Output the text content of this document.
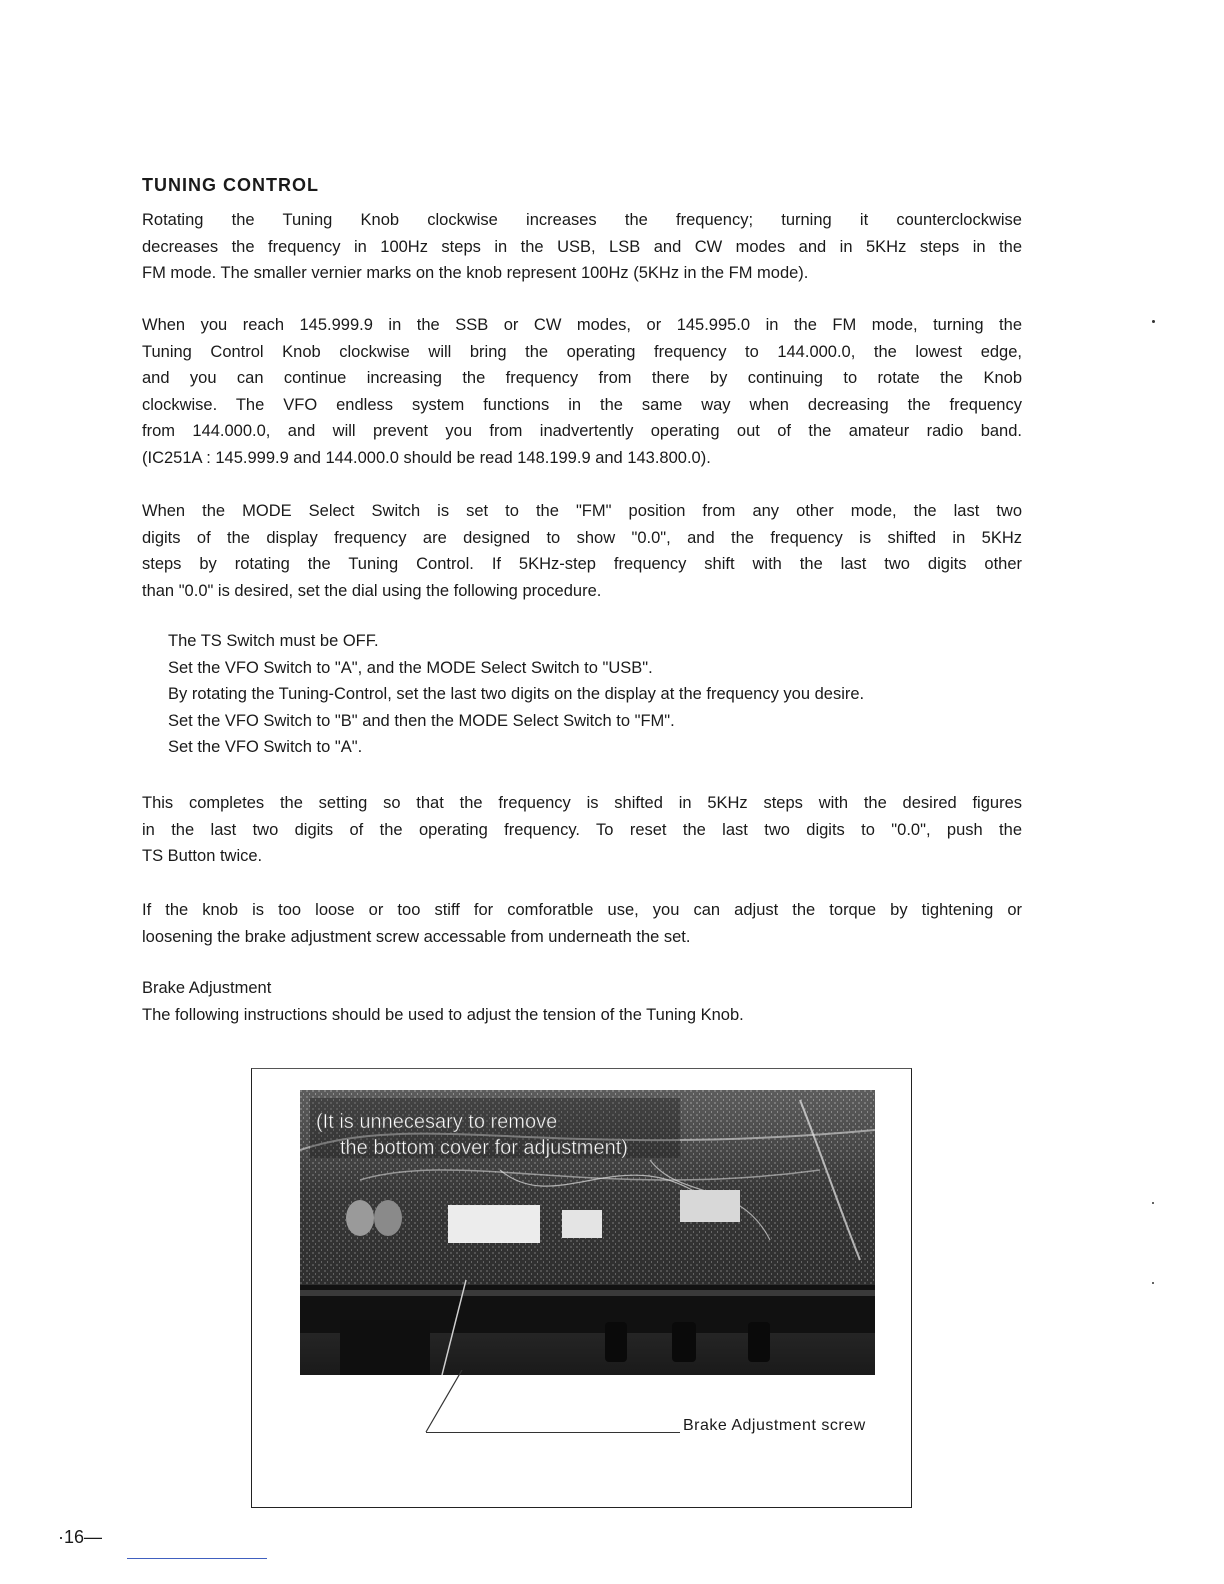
TUNING CONTROL
Rotating the Tuning Knob clockwise increases the frequency; turning it counterclockwise
decreases the frequency in 100Hz steps in the USB, LSB and CW modes and in 5KHz steps in the
FM mode. The smaller vernier marks on the knob represent 100Hz (5KHz in the FM mode).
When you reach 145.999.9 in the SSB or CW modes, or 145.995.0 in the FM mode, turning the
Tuning Control Knob clockwise will bring the operating frequency to 144.000.0, the lowest edge,
and you can continue increasing the frequency from there by continuing to rotate the Knob
clockwise. The VFO endless system functions in the same way when decreasing the frequency
from 144.000.0, and will prevent you from inadvertently operating out of the amateur radio band.
(IC251A : 145.999.9 and 144.000.0 should be read 148.199.9 and 143.800.0).
When the MODE Select Switch is set to the "FM" position from any other mode, the last two
digits of the display frequency are designed to show "0.0", and the frequency is shifted in 5KHz
steps by rotating the Tuning Control. If 5KHz-step frequency shift with the last two digits other
than "0.0" is desired, set the dial using the following procedure.
The TS Switch must be OFF.
Set the VFO Switch to "A", and the MODE Select Switch to "USB".
By rotating the Tuning-Control, set the last two digits on the display at the frequency you desire.
Set the VFO Switch to "B" and then the MODE Select Switch to "FM".
Set the VFO Switch to "A".
This completes the setting so that the frequency is shifted in 5KHz steps with the desired figures
in the last two digits of the operating frequency. To reset the last two digits to "0.0", push the
TS Button twice.
If the knob is too loose or too stiff for comforatble use, you can adjust the torque by tightening or
loosening the brake adjustment screw accessable from underneath the set.
Brake Adjustment
The following instructions should be used to adjust the tension of the Tuning Knob.
(It is unnecesary to remove
the bottom cover for adjustment)
Brake Adjustment screw
·16—
